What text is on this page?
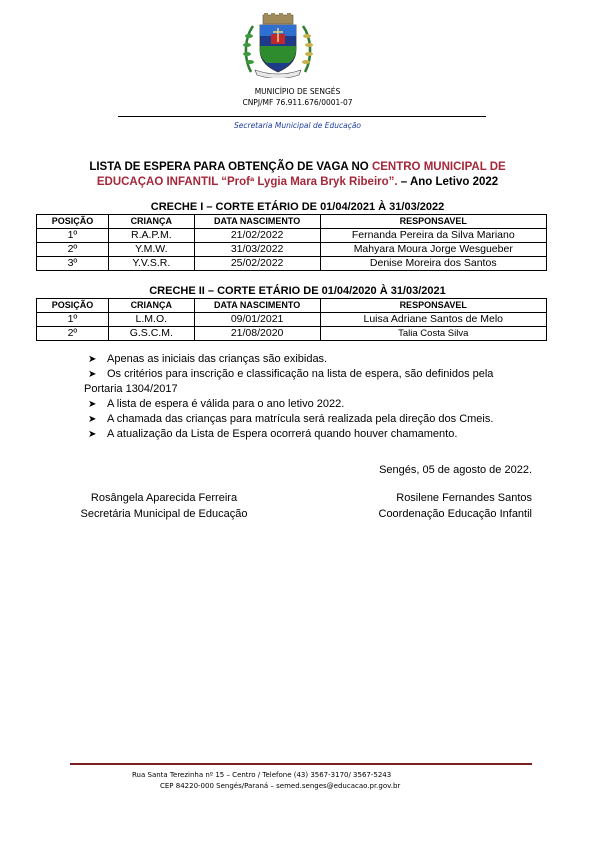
MUNICÍPIO DE SENGÉS
CNPJ/MF 76.911.676/0001-07
Secretaria Municipal de Educação
LISTA DE ESPERA PARA OBTENÇÃO DE VAGA NO CENTRO MUNICIPAL DE
EDUCAÇAO INFANTIL “Profª Lygia Mara Bryk Ribeiro”. – Ano Letivo 2022
CRECHE I – CORTE ETÁRIO DE 01/04/2021 À 31/03/2022
POSIÇÃO	CRIANÇA	DATA NASCIMENTO	RESPONSAVEL
1º	R.A.P.M.	21/02/2022	Fernanda Pereira da Silva Mariano
2º	Y.M.W.	31/03/2022	Mahyara Moura Jorge Wesgueber
3º	Y.V.S.R.	25/02/2022	Denise Moreira dos Santos
CRECHE II – CORTE ETÁRIO DE 01/04/2020 À 31/03/2021
POSIÇÃO	CRIANÇA	DATA NASCIMENTO	RESPONSAVEL
1º	L.M.O.	09/01/2021	Luisa Adriane Santos de Melo
2º	G.S.C.M.	21/08/2020	Talia Costa Silva
➤ Apenas as iniciais das crianças são exibidas.
➤ Os critérios para inscrição e classificação na lista de espera, são definidos pela
Portaria 1304/2017
➤ A lista de espera é válida para o ano letivo 2022.
➤ A chamada das crianças para matrícula será realizada pela direção dos Cmeis.
➤ A atualização da Lista de Espera ocorrerá quando houver chamamento.
Sengés, 05 de agosto de 2022.
Rosângela Aparecida Ferreira
Secretária Municipal de Educação
Rosilene Fernandes Santos
Coordenação Educação Infantil
Rua Santa Terezinha nº 15 – Centro / Telefone (43) 3567-3170/ 3567-5243
CEP 84220-000 Sengés/Paraná – semed.senges@educacao.pr.gov.br
